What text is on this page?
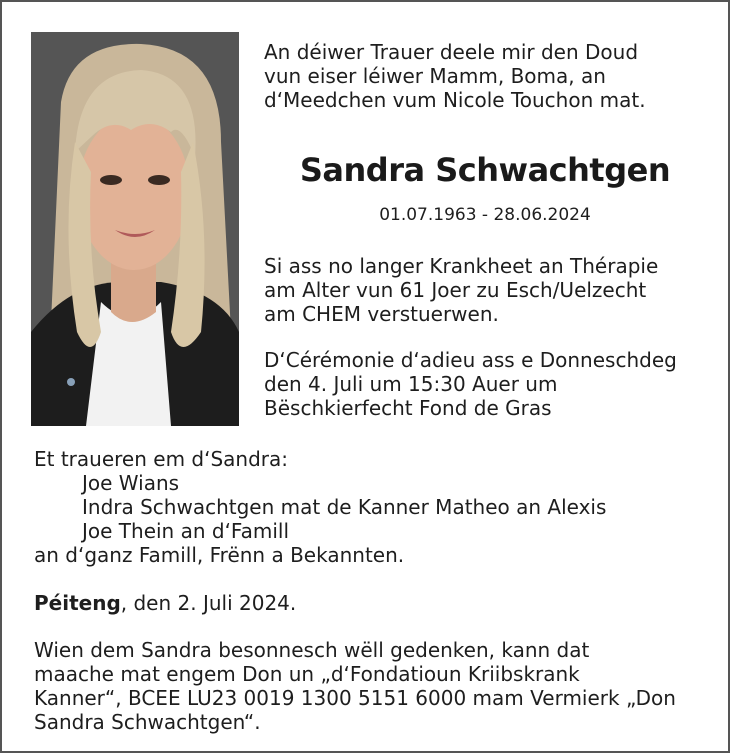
An déiwer Trauer deele mir den Doud
vun eiser léiwer Mamm, Boma, an
d‘Meedchen vum Nicole Touchon mat.
Sandra Schwachtgen
01.07.1963 - 28.06.2024
Si ass no langer Krankheet an Thérapie
am Alter vun 61 Joer zu Esch/Uelzecht
am CHEM verstuerwen.
D‘Cérémonie d‘adieu ass e Donneschdeg
den 4. Juli um 15:30 Auer um
Bëschkierfecht Fond de Gras
Et traueren em d‘Sandra:
Joe Wians
Indra Schwachtgen mat de Kanner Matheo an Alexis
Joe Thein an d‘Famill
an d‘ganz Famill, Frënn a Bekannten.
Péiteng, den 2. Juli 2024.
Wien dem Sandra besonnesch wëll gedenken, kann dat
maache mat engem Don un „d‘Fondatioun Kriibskrank
Kanner“, BCEE LU23 0019 1300 5151 6000 mam Vermierk „Don
Sandra Schwachtgen“.
